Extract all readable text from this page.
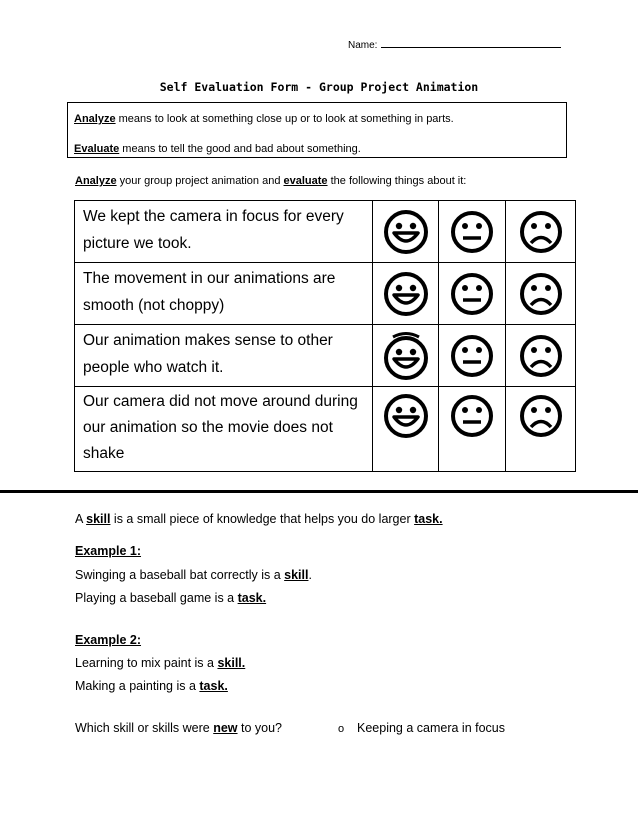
Name:
Self Evaluation Form - Group Project Animation
Analyze means to look at something close up or to look at something in parts.
Evaluate means to tell the good and bad about something.
Analyze your group project animation and evaluate the following things about it:
We kept the camera in focus for every picture we took.	

The movement in our animations are smooth (not choppy)	

Our animation makes sense to other people who watch it.	

Our camera did not move around during our animation so the movie does not shake	

A skill is a small piece of knowledge that helps you do larger task.
Example 1:
Swinging a baseball bat correctly is a skill.
Playing a baseball game is a task.
Example 2:
Learning to mix paint is a skill.
Making a painting is a task.
Which skill or skills were new to you?	o Keeping a camera in focus
